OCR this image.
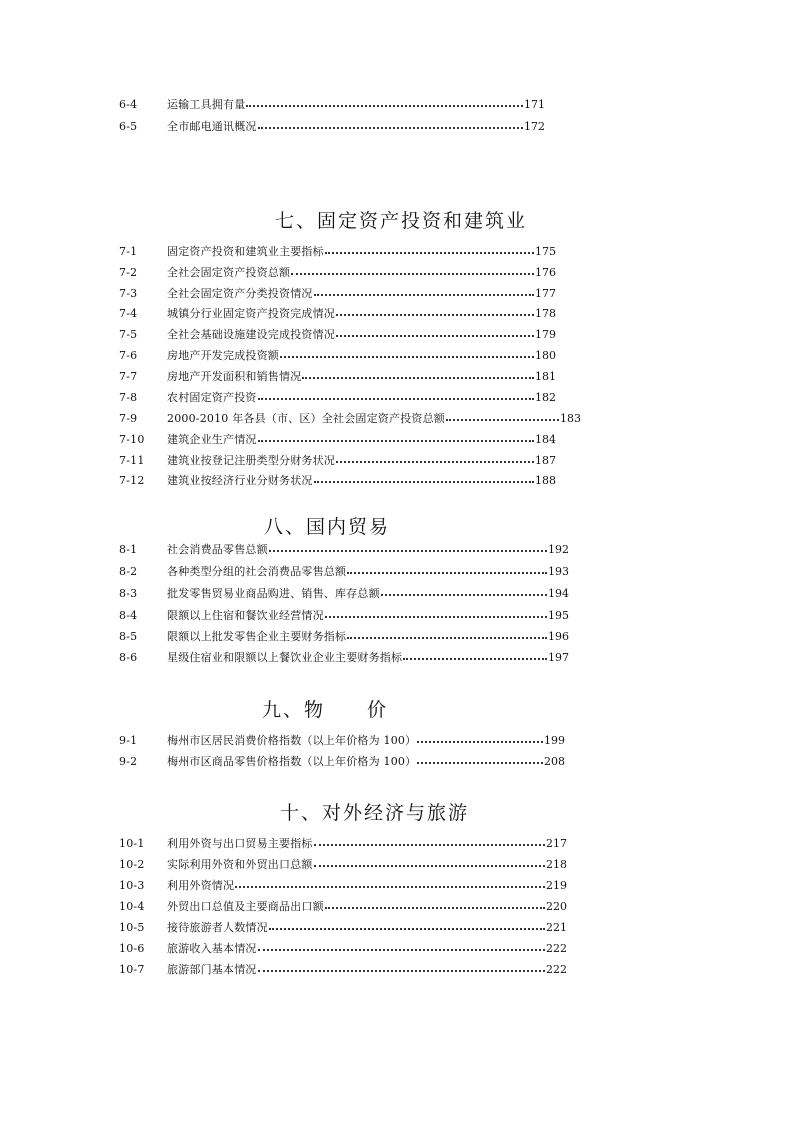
6-4	运输工具拥有量	171
6-5	全市邮电通讯概况	172
七、固定资产投资和建筑业
7-1	固定资产投资和建筑业主要指标	175
7-2	全社会固定资产投资总额	176
7-3	全社会固定资产分类投资情况	177
7-4	城镇分行业固定资产投资完成情况	178
7-5	全社会基础设施建设完成投资情况	179
7-6	房地产开发完成投资额	180
7-7	房地产开发面积和销售情况	181
7-8	农村固定资产投资	182
7-9	2000-2010 年各县（市、区）全社会固定资产投资总额	183
7-10	建筑企业生产情况	184
7-11	建筑业按登记注册类型分财务状况	187
7-12	建筑业按经济行业分财务状况	188
八、国内贸易
8-1	社会消费品零售总额	192
8-2	各种类型分组的社会消费品零售总额	193
8-3	批发零售贸易业商品购进、销售、库存总额	194
8-4	限额以上住宿和餐饮业经营情况	195
8-5	限额以上批发零售企业主要财务指标	196
8-6	星级住宿业和限额以上餐饮业企业主要财务指标	197
九、物　　价
9-1	梅州市区居民消费价格指数（以上年价格为 100）	199
9-2	梅州市区商品零售价格指数（以上年价格为 100）	208
十、对外经济与旅游
10-1	利用外资与出口贸易主要指标	217
10-2	实际利用外资和外贸出口总额	218
10-3	利用外资情况	219
10-4	外贸出口总值及主要商品出口额	220
10-5	接待旅游者人数情况	221
10-6	旅游收入基本情况	222
10-7	旅游部门基本情况	222
